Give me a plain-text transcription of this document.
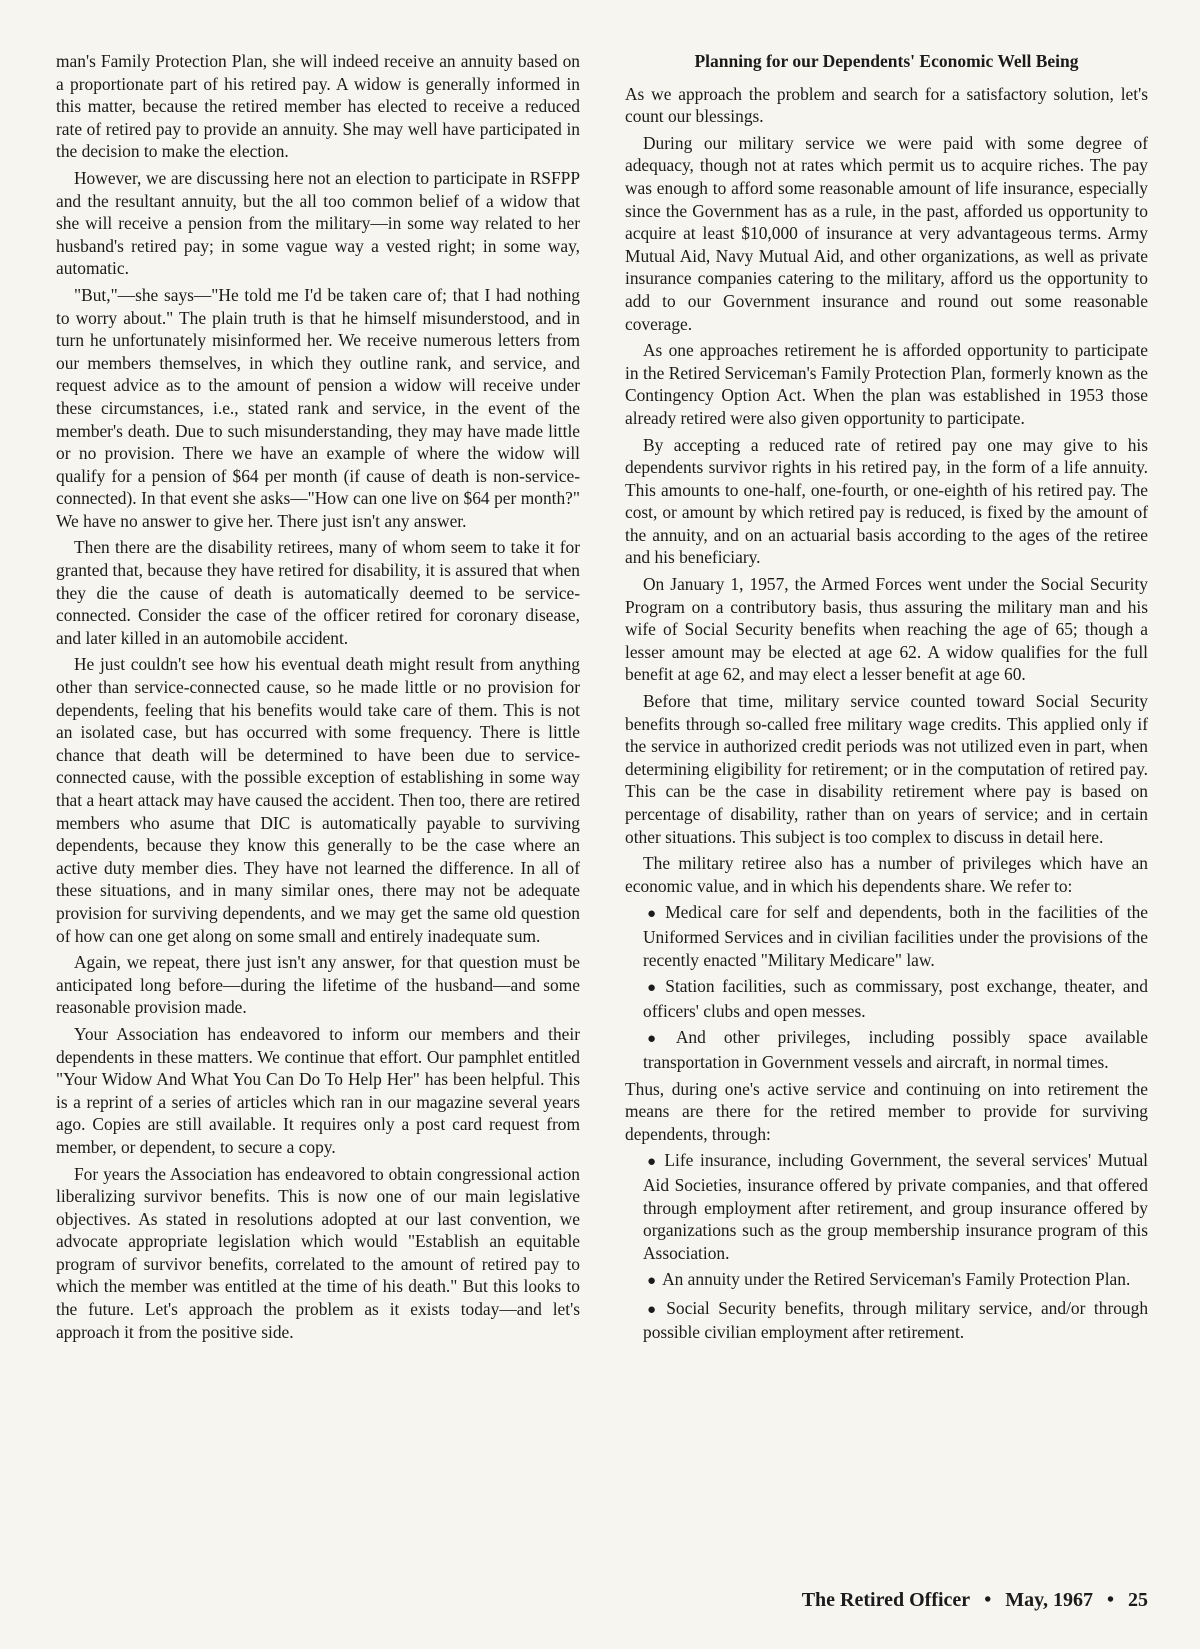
man's Family Protection Plan, she will indeed receive an annuity based on a proportionate part of his retired pay. A widow is generally informed in this matter, because the retired member has elected to receive a reduced rate of retired pay to provide an annuity. She may well have participated in the decision to make the election.

However, we are discussing here not an election to participate in RSFPP and the resultant annuity, but the all too common belief of a widow that she will receive a pension from the military—in some way related to her husband's retired pay; in some vague way a vested right; in some way, automatic.

"But,"—she says—"He told me I'd be taken care of; that I had nothing to worry about." The plain truth is that he himself misunderstood, and in turn he unfortunately misinformed her. We receive numerous letters from our members themselves, in which they outline rank, and service, and request advice as to the amount of pension a widow will receive under these circumstances, i.e., stated rank and service, in the event of the member's death. Due to such misunderstanding, they may have made little or no provision. There we have an example of where the widow will qualify for a pension of $64 per month (if cause of death is non-service-connected). In that event she asks—"How can one live on $64 per month?" We have no answer to give her. There just isn't any answer.

Then there are the disability retirees, many of whom seem to take it for granted that, because they have retired for disability, it is assured that when they die the cause of death is automatically deemed to be service-connected. Consider the case of the officer retired for coronary disease, and later killed in an automobile accident.

He just couldn't see how his eventual death might result from anything other than service-connected cause, so he made little or no provision for dependents, feeling that his benefits would take care of them. This is not an isolated case, but has occurred with some frequency. There is little chance that death will be determined to have been due to service-connected cause, with the possible exception of establishing in some way that a heart attack may have caused the accident. Then too, there are retired members who asume that DIC is automatically payable to surviving dependents, because they know this generally to be the case where an active duty member dies. They have not learned the difference. In all of these situations, and in many similar ones, there may not be adequate provision for surviving dependents, and we may get the same old question of how can one get along on some small and entirely inadequate sum.

Again, we repeat, there just isn't any answer, for that question must be anticipated long before—during the lifetime of the husband—and some reasonable provision made.

Your Association has endeavored to inform our members and their dependents in these matters. We continue that effort. Our pamphlet entitled "Your Widow And What You Can Do To Help Her" has been helpful. This is a reprint of a series of articles which ran in our magazine several years ago. Copies are still available. It requires only a post card request from member, or dependent, to secure a copy.

For years the Association has endeavored to obtain congressional action liberalizing survivor benefits. This is now one of our main legislative objectives. As stated in resolutions adopted at our last convention, we advocate appropriate legislation which would "Establish an equitable program of survivor benefits, correlated to the amount of retired pay to which the member was entitled at the time of his death." But this looks to the future. Let's approach the problem as it exists today—and let's approach it from the positive side.

Planning for our Dependents' Economic Well Being

As we approach the problem and search for a satisfactory solution, let's count our blessings.

During our military service we were paid with some degree of adequacy, though not at rates which permit us to acquire riches. The pay was enough to afford some reasonable amount of life insurance, especially since the Government has as a rule, in the past, afforded us opportunity to acquire at least $10,000 of insurance at very advantageous terms. Army Mutual Aid, Navy Mutual Aid, and other organizations, as well as private insurance companies catering to the military, afford us the opportunity to add to our Government insurance and round out some reasonable coverage.

As one approaches retirement he is afforded opportunity to participate in the Retired Serviceman's Family Protection Plan, formerly known as the Contingency Option Act. When the plan was established in 1953 those already retired were also given opportunity to participate.

By accepting a reduced rate of retired pay one may give to his dependents survivor rights in his retired pay, in the form of a life annuity. This amounts to one-half, one-fourth, or one-eighth of his retired pay. The cost, or amount by which retired pay is reduced, is fixed by the amount of the annuity, and on an actuarial basis according to the ages of the retiree and his beneficiary.

On January 1, 1957, the Armed Forces went under the Social Security Program on a contributory basis, thus assuring the military man and his wife of Social Security benefits when reaching the age of 65; though a lesser amount may be elected at age 62. A widow qualifies for the full benefit at age 62, and may elect a lesser benefit at age 60.

Before that time, military service counted toward Social Security benefits through so-called free military wage credits. This applied only if the service in authorized credit periods was not utilized even in part, when determining eligibility for retirement; or in the computation of retired pay. This can be the case in disability retirement where pay is based on percentage of disability, rather than on years of service; and in certain other situations. This subject is too complex to discuss in detail here.

The military retiree also has a number of privileges which have an economic value, and in which his dependents share. We refer to:

● Medical care for self and dependents, both in the facilities of the Uniformed Services and in civilian facilities under the provisions of the recently enacted "Military Medicare" law.

● Station facilities, such as commissary, post exchange, theater, and officers' clubs and open messes.

● And other privileges, including possibly space available transportation in Government vessels and aircraft, in normal times.

Thus, during one's active service and continuing on into retirement the means are there for the retired member to provide for surviving dependents, through:

● Life insurance, including Government, the several services' Mutual Aid Societies, insurance offered by private companies, and that offered through employment after retirement, and group insurance offered by organizations such as the group membership insurance program of this Association.

● An annuity under the Retired Serviceman's Family Protection Plan.

● Social Security benefits, through military service, and/or through possible civilian employment after retirement.

The Retired Officer • May, 1967 • 25
